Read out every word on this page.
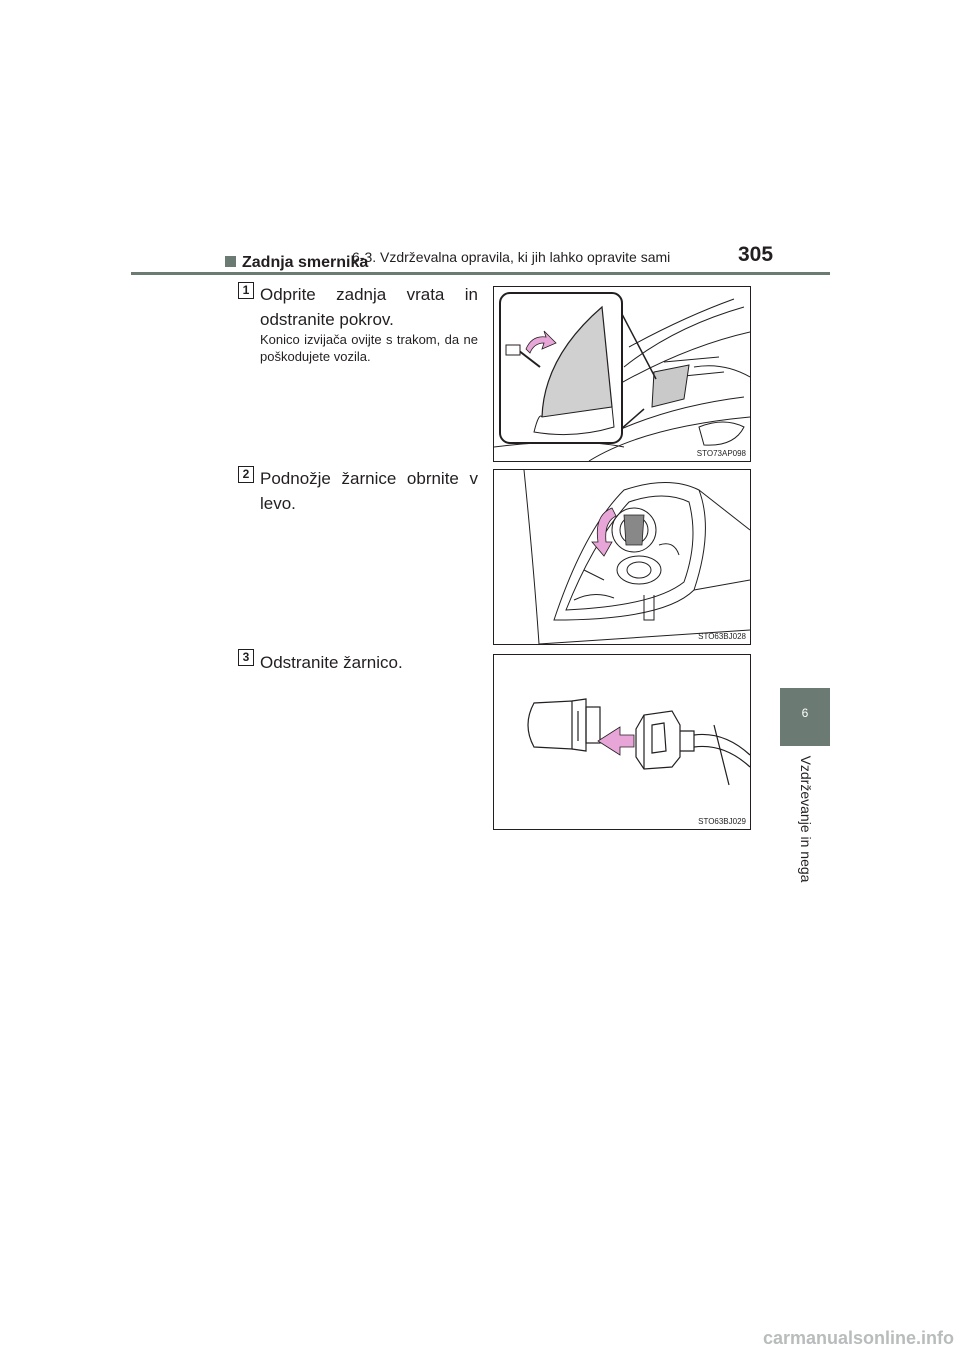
6-3. Vzdrževalna opravila, ki jih lahko opravite sami	305
6
Vzdrževanje in nega
Zadnja smernika
1 Odprite zadnja vrata in odstranite pokrov.
Konico izvijača ovijte s trakom, da ne poškodujete vozila.
STO73AP098
2 Podnožje žarnice obrnite v levo.
STO63BJ028
3 Odstranite žarnico.
STO63BJ029
carmanualsonline.info
